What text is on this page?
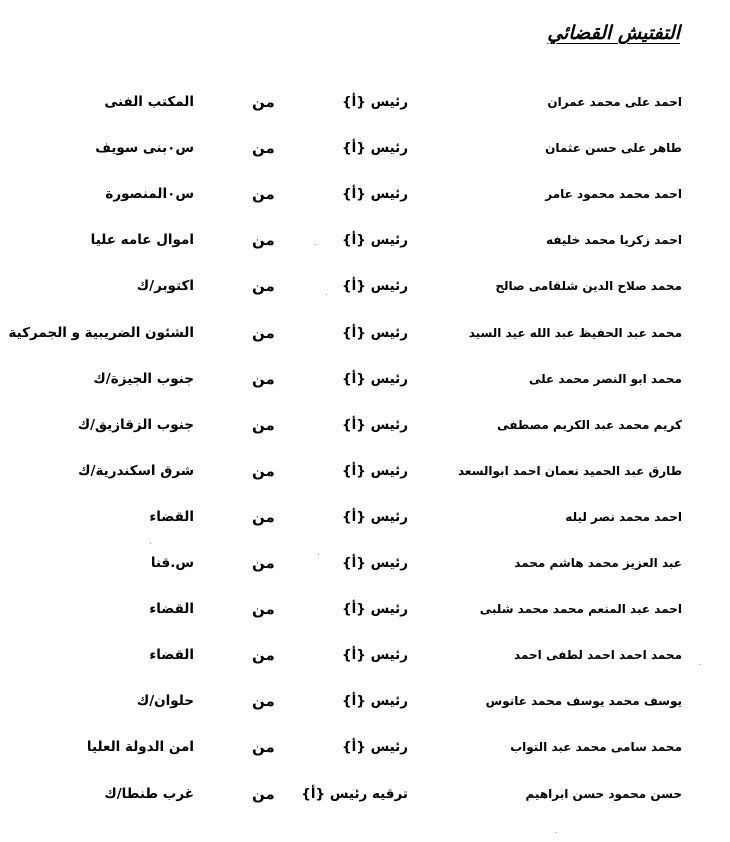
التفتيش القضائي
احمد على محمد عمران
رئيس {أ}
من
المكتب الفنى
طاهر على حسن عثمان
رئيس {أ}
من
س٠بنى سويف
احمد محمد محمود عامر
رئيس {أ}
من
س٠المنصورة
احمد زكريا محمد خليفه
رئيس {أ}
من
اموال عامه عليا
محمد صلاح الدين شلقامى صالح
رئيس {أ}
من
اكتوبر/ك
محمد عبد الحفيظ عبد الله عيد السيد
رئيس {أ}
من
الشئون الضريبية و الجمركية
محمد ابو النصر محمد على
رئيس {أ}
من
جنوب الجيزة/ك
كريم محمد عبد الكريم مصطفى
رئيس {أ}
من
جنوب الزقازيق/ك
طارق عبد الحميد نعمان احمد ابوالسعد
رئيس {أ}
من
شرق اسكندرية/ك
احمد محمد نصر ليله
رئيس {أ}
من
القضاء
عبد العزيز محمد هاشم محمد
رئيس {أ}
من
س.قنا
احمد عبد المنعم محمد محمد شلبى
رئيس {أ}
من
القضاء
محمد احمد احمد لطفى احمد
رئيس {أ}
من
القضاء
يوسف محمد يوسف محمد عانوس
رئيس {أ}
من
حلوان/ك
محمد سامى محمد عبد التواب
رئيس {أ}
من
امن الدولة العليا
حسن محمود حسن ابراهيم
ترقيه رئيس {أ}
من
غرب طنطا/ك
